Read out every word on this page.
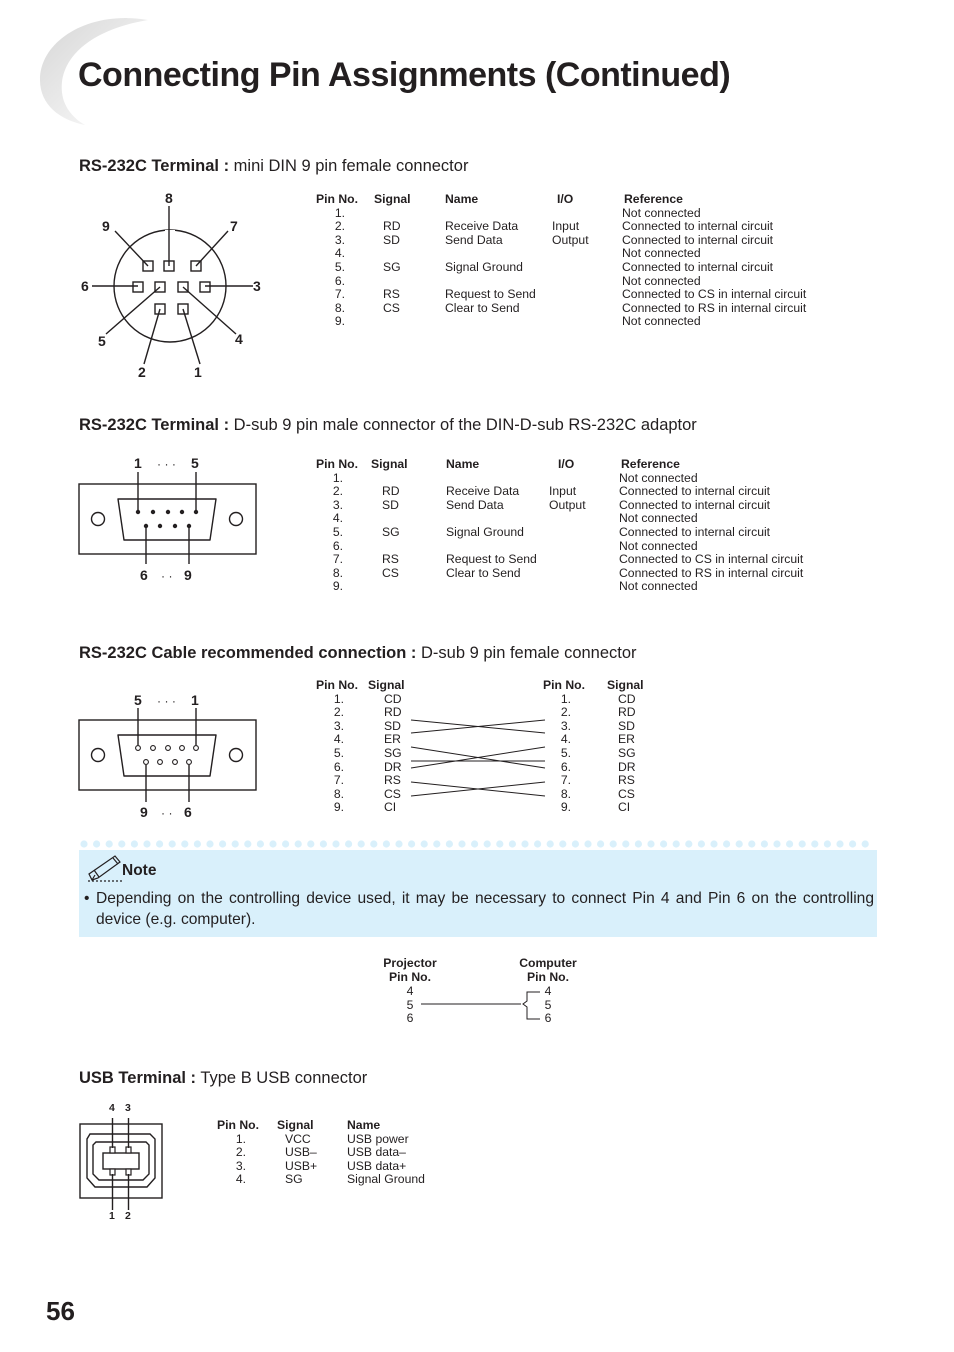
Connecting Pin Assignments (Continued)
RS-232C Terminal : mini DIN 9 pin female connector
8
9	7
6	3
5	4
2	1
Pin No. Signal	Name	I/O	Reference
1.	Not connected
2.	RD	Receive Data	Input	Connected to internal circuit
3.	SD	Send Data	Output	Connected to internal circuit
4.	Not connected
5.	SG	Signal Ground	Connected to internal circuit
6.	Not connected
7.	RS	Request to Send	Connected to CS in internal circuit
8.	CS	Clear to Send	Connected to RS in internal circuit
9.	Not connected
RS-232C Terminal : D-sub 9 pin male connector of the DIN-D-sub RS-232C adaptor
1 · · · 5
6 · · 9
Pin No. Signal	Name	I/O	Reference
1.	Not connected
2.	RD	Receive Data Input	Connected to internal circuit
3.	SD	Send Data	Output	Connected to internal circuit
4.	Not connected
5.	SG	Signal Ground	Connected to internal circuit
6.	Not connected
7.	RS	Request to Send	Connected to CS in internal circuit
8.	CS	Clear to Send	Connected to RS in internal circuit
9.	Not connected
RS-232C Cable recommended connection : D-sub 9 pin female connector
5 · · · 1
9 · · 6
Pin No. Signal	Pin No. Signal
1.	CD	1.	CD
2.	RD	2.	RD
3.	SD	3.	SD
4.	ER	4.	ER
5.	SG	5.	SG
6.	DR	6.	DR
7.	RS	7.	RS
8.	CS	8.	CS
9.	CI	9.	CI
Note
• Depending on the controlling device used, it may be necessary to connect Pin 4 and Pin 6 on the controlling device (e.g. computer).
Projector
Pin No.
Computer
Pin No.
4
5
6
4
5
6
USB Terminal : Type B USB connector
4 3
1 2
Pin No. Signal	Name
1.	VCC	USB power
2.	USB– USB data–
3.	USB+ USB data+
4.	SG	Signal Ground
56
